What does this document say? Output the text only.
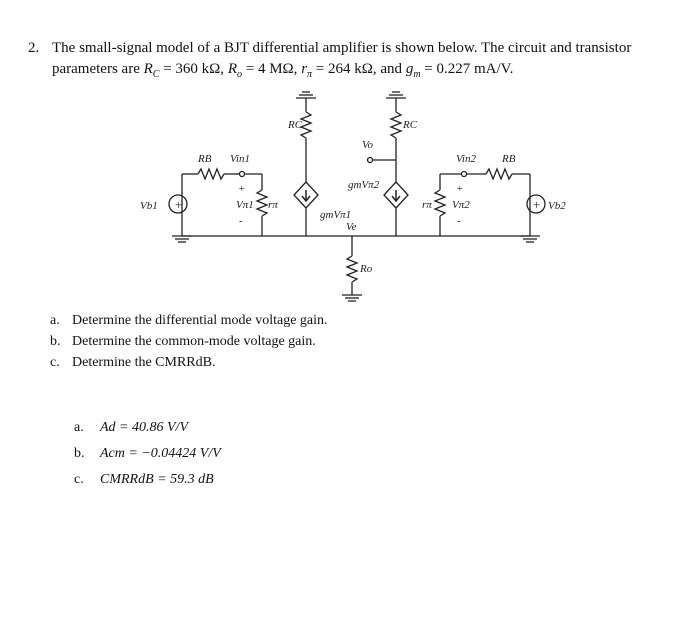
2. The small-signal model of a BJT differential amplifier is shown below. The circuit and transistor
parameters are $R_C = 360$ kΩ, $R_o = 4$ MΩ, $r_\pi = 264$ kΩ, and $g_m = 0.227$ mA/V.
+	+
Vb1	Vb2
RB	RB
Vin1	Vin2
+
Vπ1
-
rπ
+
Vπ2
-
rπ
RC	RC
gmVπ1
gmVπ2
Vo
Ve
Ro
a. Determine the differential mode voltage gain.
b. Determine the common-mode voltage gain.
c. Determine the CMRRdB.
a. Ad = 40.86 V/V
b. Acm = −0.04424 V/V
c. CMRRdB = 59.3 dB
